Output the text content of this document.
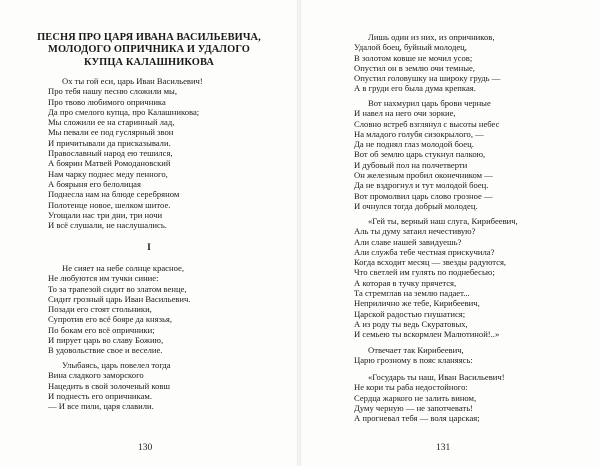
ПЕСНЯ ПРО ЦАРЯ ИВАНА ВАСИЛЬЕВИЧА,
МОЛОДОГО ОПРИЧНИКА И УДАЛОГО
КУПЦА КАЛАШНИКОВА
Ох ты гой еси, царь Иван Васильевич!
Про тебя нашу песню сложили мы,
Про твово любимого опричника
Да про смелого купца, про Калашникова;
Мы сложили ее на старинный лад,
Мы певали ее под гуслярный звон
И причитывали да присказывали.
Православный народ ею тешился,
А боярин Матвей Ромодановский
Нам чарку поднес меду пенного,
А боярыня его белолицая
Поднесла нам на блюде серебряном
Полотенце новое, шелком шитое.
Угощали нас три дни, три ночи
И всё слушали, не наслушались.
I
Не сияет на небе солнце красное,
Не любуются им тучки синие:
То за трапезой сидит во златом венце,
Сидит грозный царь Иван Васильевич.
Позади его стоят стольники,
Супротив его всё бояре да князья,
По бокам его всё опричники;
И пирует царь во славу Божию,
В удовольствие свое и веселие.
Улыбаясь, царь повелел тогда
Вина сладкого заморского
Нацедить в свой золоченый ковш
И поднесть его опричникам.
— И все пили, царя славили.
130
Лишь один из них, из опричников,
Удалой боец, буйный молодец,
В золотом ковше не мочил усов;
Опустил он в землю очи темные,
Опустил головушку на широку грудь —
А в груди его была дума крепкая.
Вот нахмурил царь брови черные
И навел на него очи зоркие,
Словно ястреб взглянул с высоты небес
На младого голубя сизокрылого, —
Да не поднял глаз молодой боец.
Вот об землю царь стукнул палкою,
И дубовый пол на полчетверти
Он железным пробил оконечником —
Да не вздрогнул и тут молодой боец.
Вот промолвил царь слово грозное —
И очнулся тогда добрый молодец.
«Гей ты, верный наш слуга, Кирибеевич,
Аль ты думу затаил нечестивую?
Али славе нашей завидуешь?
Али служба тебе честная прискучила?
Когда всходит месяц — звезды радуются,
Что светлей им гулять по поднебесью;
А которая в тучку прячется,
Та стремглав на землю падает...
Неприлично же тебе, Кирибеевич,
Царской радостью гнушатися;
А из роду ты ведь Скуратовых,
И семьею ты вскормлен Малютиной!..»
Отвечает так Кирибеевич,
Царю грозному в пояс кланяясь:
«Государь ты наш, Иван Васильевич!
Не кори ты раба недостойного:
Сердца жаркого не залить вином,
Думу черную — не запотчевать!
А прогневал тебя — воля царская;
131
